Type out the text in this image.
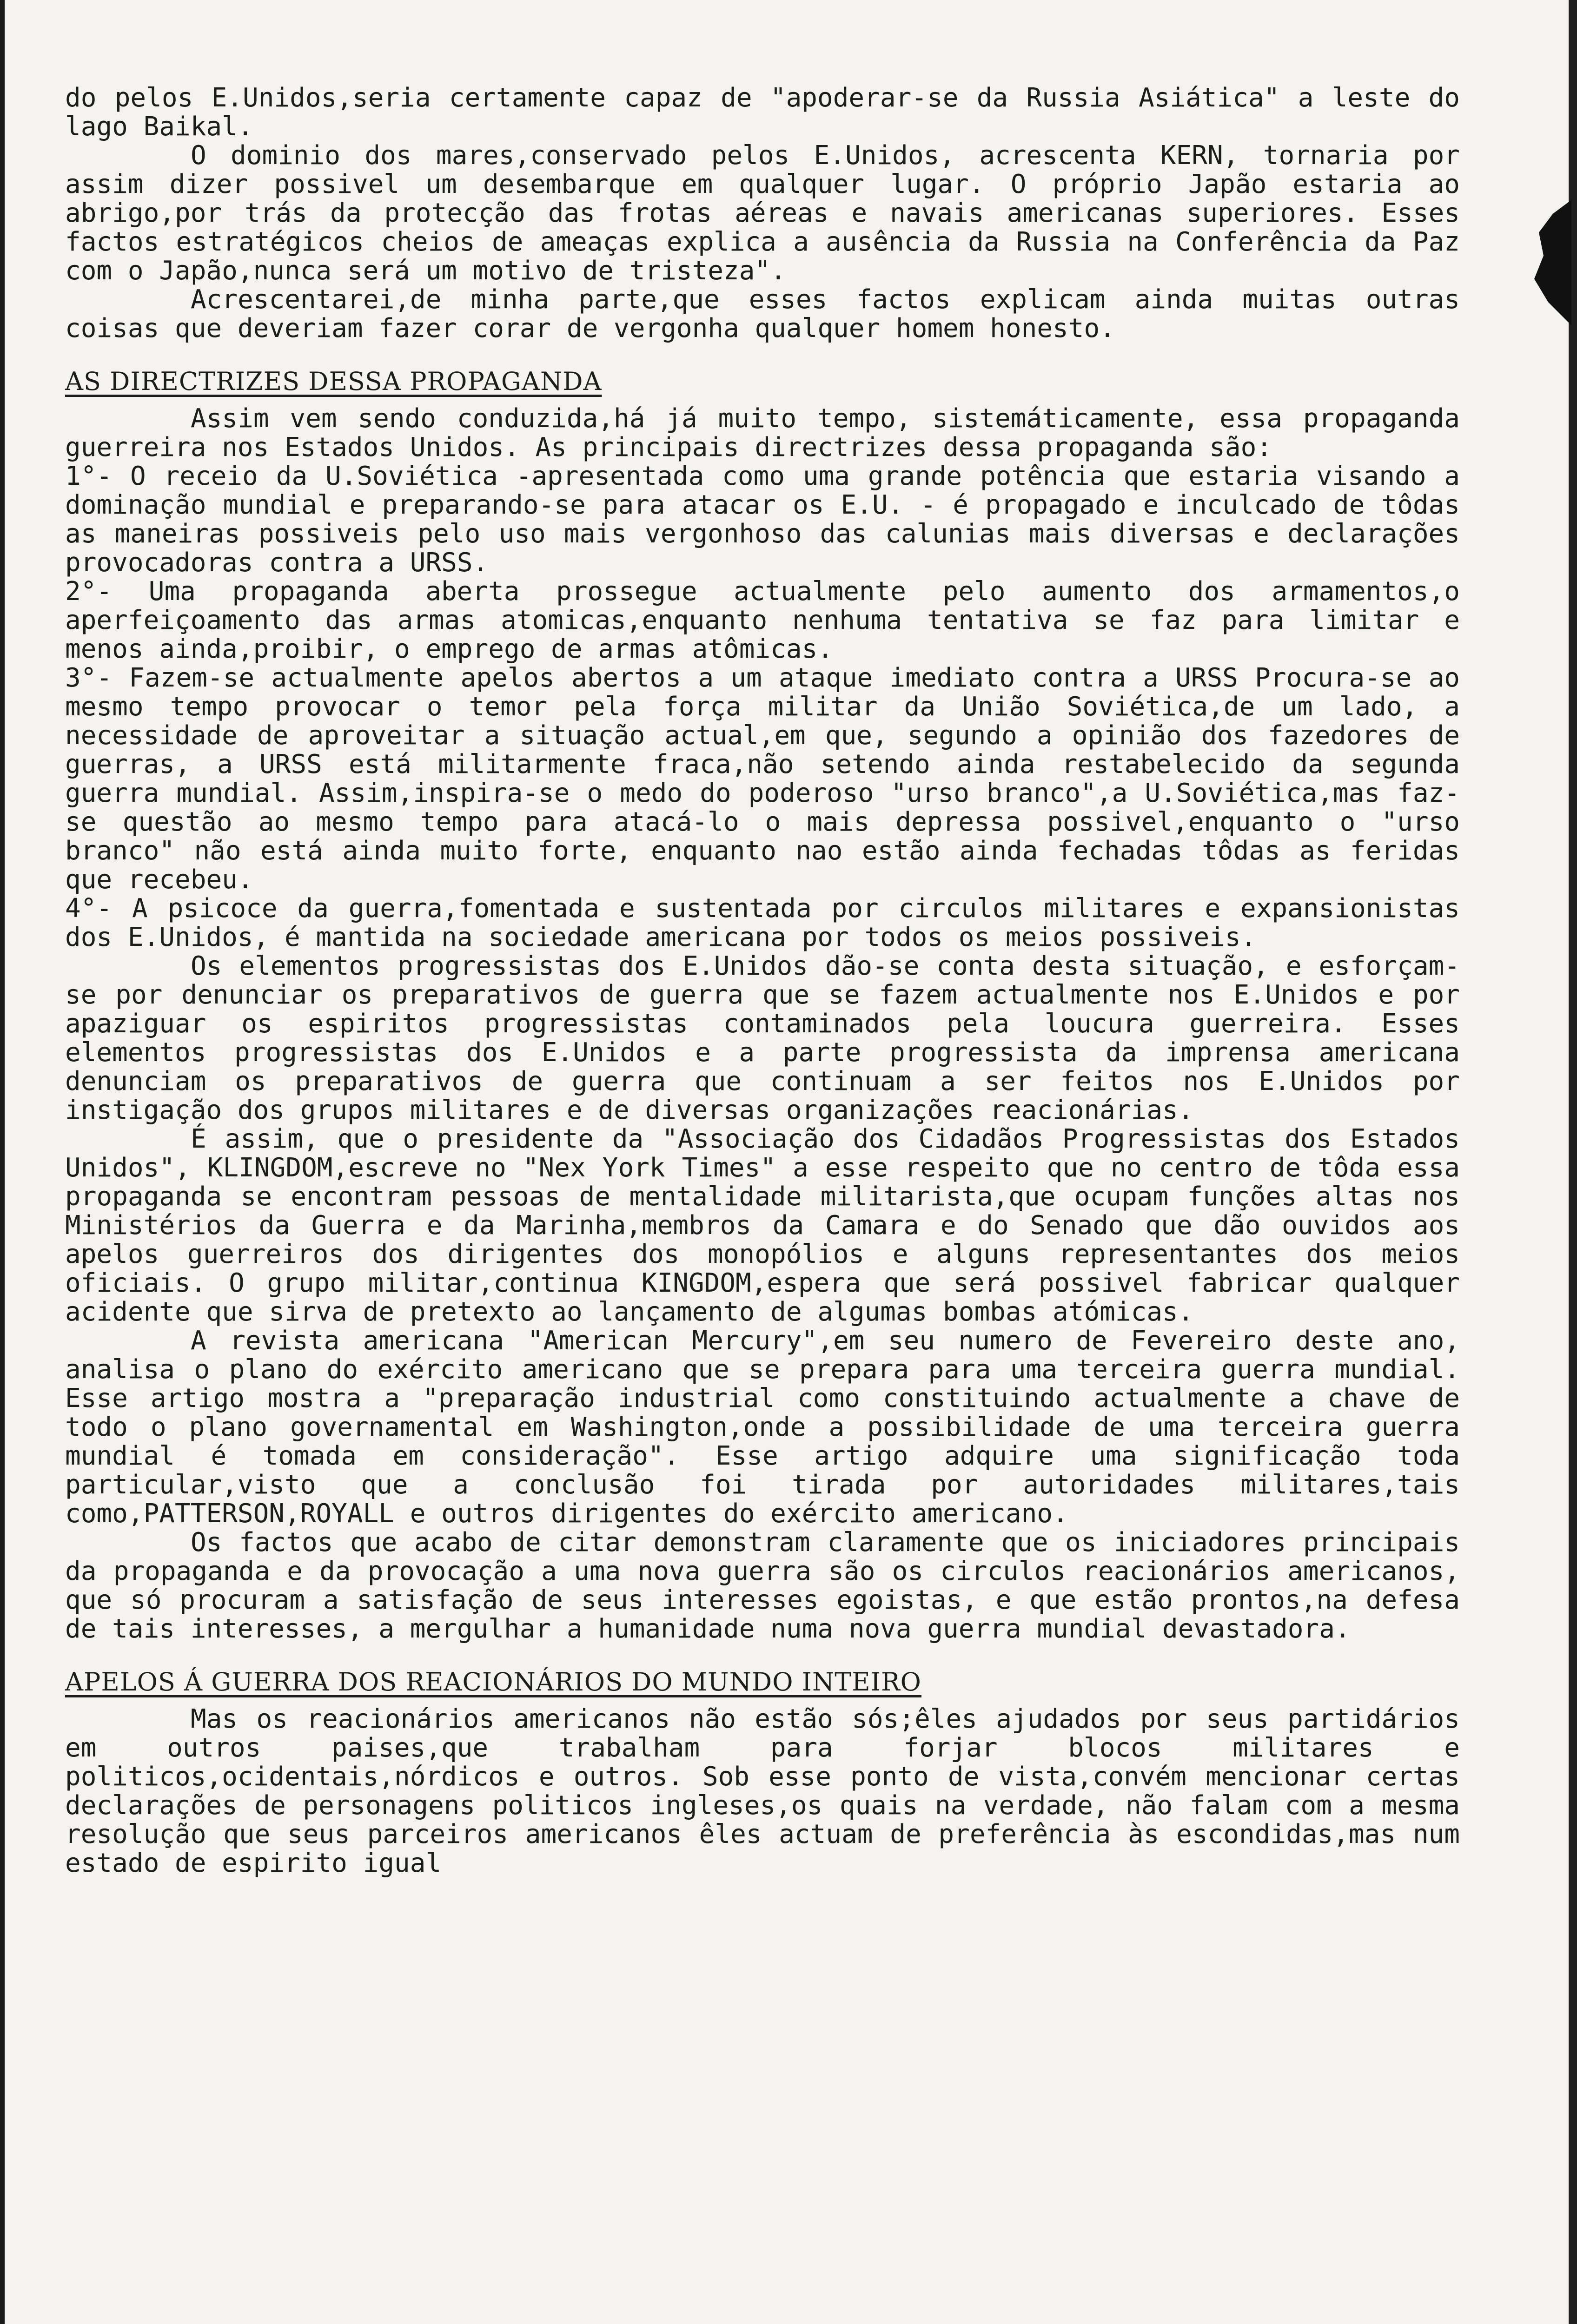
do pelos E.Unidos,seria certamente capaz de "apoderar-se da Russia Asiática" a leste do lago Baikal.

O dominio dos mares,conservado pelos E.Unidos, acrescenta KERN, tornaria por assim dizer possivel um desembarque em qualquer lugar. O próprio Japão estaria ao abrigo,por trás da protecção das frotas aéreas e navais americanas superiores. Esses factos estratégicos cheios de ameaças explica a ausência da Russia na Conferência da Paz com o Japão,nunca será um motivo de tristeza".

Acrescentarei,de minha parte,que esses factos explicam ainda muitas outras coisas que deveriam fazer corar de vergonha qualquer homem honesto.

AS DIRECTRIZES DESSA PROPAGANDA

Assim vem sendo conduzida,há já muito tempo, sistemáticamente, essa propaganda guerreira nos Estados Unidos. As principais directrizes dessa propaganda são:

1°- O receio da U.Soviética -apresentada como uma grande potência que estaria visando a dominação mundial e preparando-se para atacar os E.U. - é propagado e inculcado de tôdas as maneiras possiveis pelo uso mais vergonhoso das calunias mais diversas e declarações provocadoras contra a URSS.

2°- Uma propaganda aberta prossegue actualmente pelo aumento dos armamentos,o aperfeiçoamento das armas atomicas,enquanto nenhuma tentativa se faz para limitar e menos ainda,proibir, o emprego de armas atômicas.

3°- Fazem-se actualmente apelos abertos a um ataque imediato contra a URSS Procura-se ao mesmo tempo provocar o temor pela força militar da União Soviética,de um lado, a necessidade de aproveitar a situação actual,em que, segundo a opinião dos fazedores de guerras, a URSS está militarmente fraca,não setendo ainda restabelecido da segunda guerra mundial. Assim,inspira-se o medo do poderoso "urso branco",a U.Soviética,mas faz-se questão ao mesmo tempo para atacá-lo o mais depressa possivel,enquanto o "urso branco" não está ainda muito forte, enquanto nao estão ainda fechadas tôdas as feridas que recebeu.

4°- A psicoce da guerra,fomentada e sustentada por circulos militares e expansionistas dos E.Unidos, é mantida na sociedade americana por todos os meios possiveis.

Os elementos progressistas dos E.Unidos dão-se conta desta situação, e esforçam-se por denunciar os preparativos de guerra que se fazem actualmente nos E.Unidos e por apaziguar os espiritos progressistas contaminados pela loucura guerreira. Esses elementos progressistas dos E.Unidos e a parte progressista da imprensa americana denunciam os preparativos de guerra que continuam a ser feitos nos E.Unidos por instigação dos grupos militares e de diversas organizações reacionárias.

É assim, que o presidente da "Associação dos Cidadãos Progressistas dos Estados Unidos", KLINGDOM,escreve no "Nex York Times" a esse respeito que no centro de tôda essa propaganda se encontram pessoas de mentalidade militarista,que ocupam funções altas nos Ministérios da Guerra e da Marinha,membros da Camara e do Senado que dão ouvidos aos apelos guerreiros dos dirigentes dos monopólios e alguns representantes dos meios oficiais. O grupo militar,continua KINGDOM,espera que será possivel fabricar qualquer acidente que sirva de pretexto ao lançamento de algumas bombas atómicas.

A revista americana "American Mercury",em seu numero de Fevereiro deste ano, analisa o plano do exército americano que se prepara para uma terceira guerra mundial. Esse artigo mostra a "preparação industrial como constituindo actualmente a chave de todo o plano governamental em Washington,onde a possibilidade de uma terceira guerra mundial é tomada em consideração". Esse artigo adquire uma significação toda particular,visto que a conclusão foi tirada por autoridades militares,tais como,PATTERSON,ROYALL e outros dirigentes do exército americano.

Os factos que acabo de citar demonstram claramente que os iniciadores principais da propaganda e da provocação a uma nova guerra são os circulos reacionários americanos, que só procuram a satisfação de seus interesses egoistas, e que estão prontos,na defesa de tais interesses, a mergulhar a humanidade numa nova guerra mundial devastadora.

APELOS Á GUERRA DOS REACIONÁRIOS DO MUNDO INTEIRO

Mas os reacionários americanos não estão sós;êles ajudados por seus partidários em outros paises,que trabalham para forjar blocos militares e politicos,ocidentais,nórdicos e outros. Sob esse ponto de vista,convém mencionar certas declarações de personagens politicos ingleses,os quais na verdade, não falam com a mesma resolução que seus parceiros americanos êles actuam de preferência às escondidas,mas num estado de espirito igual
